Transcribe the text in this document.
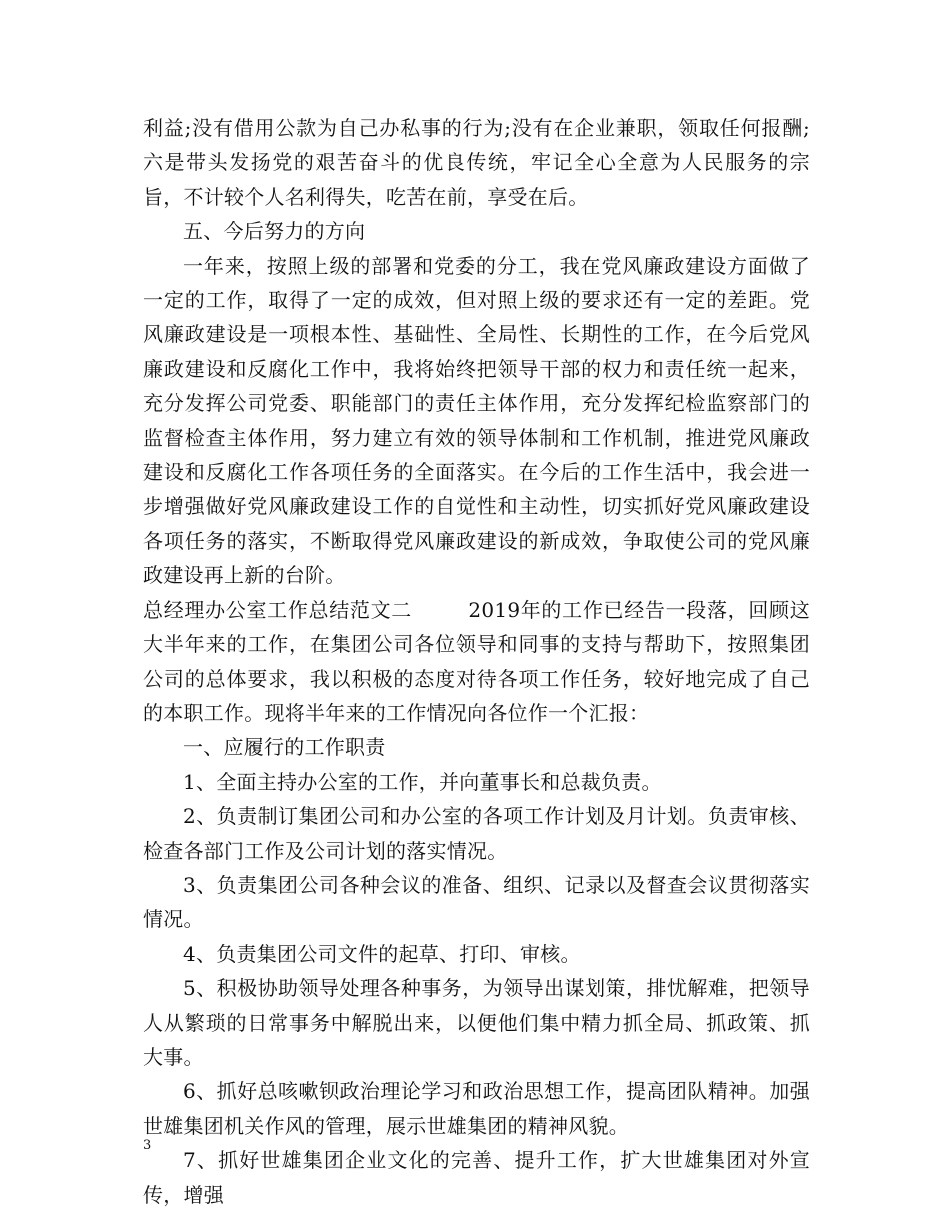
利益;没有借用公款为自己办私事的行为;没有在企业兼职，领取任何报酬;六是带头发扬党的艰苦奋斗的优良传统，牢记全心全意为人民服务的宗旨，不计较个人名利得失，吃苦在前，享受在后。

五、今后努力的方向

一年来，按照上级的部署和党委的分工，我在党风廉政建设方面做了一定的工作，取得了一定的成效，但对照上级的要求还有一定的差距。党风廉政建设是一项根本性、基础性、全局性、长期性的工作，在今后党风廉政建设和反腐化工作中，我将始终把领导干部的权力和责任统一起来，充分发挥公司党委、职能部门的责任主体作用，充分发挥纪检监察部门的监督检查主体作用，努力建立有效的领导体制和工作机制，推进党风廉政建设和反腐化工作各项任务的全面落实。在今后的工作生活中，我会进一步增强做好党风廉政建设工作的自觉性和主动性，切实抓好党风廉政建设各项任务的落实，不断取得党风廉政建设的新成效，争取使公司的党风廉政建设再上新的台阶。

总经理办公室工作总结范文二        2019年的工作已经告一段落，回顾这大半年来的工作，在集团公司各位领导和同事的支持与帮助下，按照集团公司的总体要求，我以积极的态度对待各项工作任务，较好地完成了自己的本职工作。现将半年来的工作情况向各位作一个汇报：

一、应履行的工作职责

1、全面主持办公室的工作，并向董事长和总裁负责。

2、负责制订集团公司和办公室的各项工作计划及月计划。负责审核、检查各部门工作及公司计划的落实情况。

3、负责集团公司各种会议的准备、组织、记录以及督查会议贯彻落实情况。

4、负责集团公司文件的起草、打印、审核。

5、积极协助领导处理各种事务，为领导出谋划策，排忧解难，把领导人从繁琐的日常事务中解脱出来，以便他们集中精力抓全局、抓政策、抓大事。

6、抓好总咳嗽钡政治理论学习和政治思想工作，提高团队精神。加强世雄集团机关作风的管理，展示世雄集团的精神风貌。

7、抓好世雄集团企业文化的完善、提升工作，扩大世雄集团对外宣传，增强

3
